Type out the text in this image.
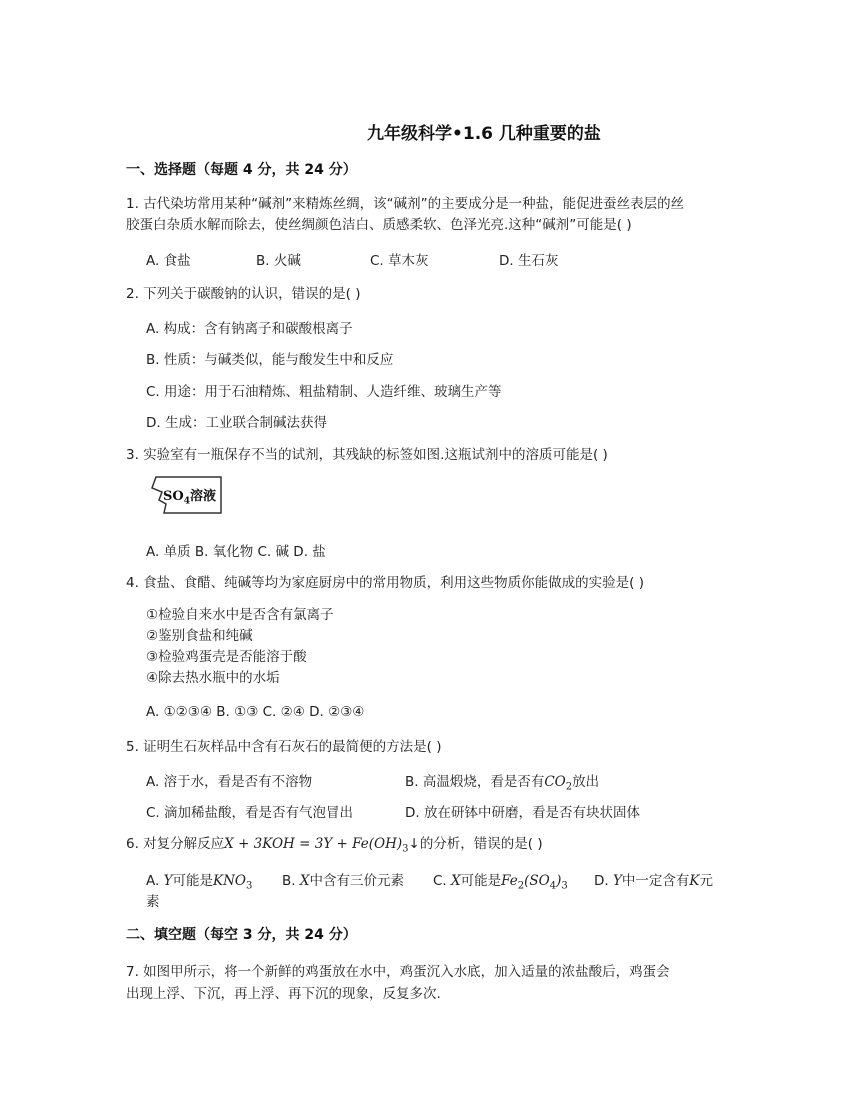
九年级科学•1.6 几种重要的盐
一、选择题（每题 4 分，共 24 分）
1. 古代染坊常用某种“碱剂”来精炼丝绸，该“碱剂”的主要成分是一种盐，能促进蚕丝表层的丝
胶蛋白杂质水解而除去，使丝绸颜色洁白、质感柔软、色泽光亮.这种“碱剂”可能是( )
A. 食盐	B. 火碱	C. 草木灰	D. 生石灰
2. 下列关于碳酸钠的认识，错误的是( )
A. 构成：含有钠离子和碳酸根离子
B. 性质：与碱类似，能与酸发生中和反应
C. 用途：用于石油精炼、粗盐精制、人造纤维、玻璃生产等
D. 生成：工业联合制碱法获得
3. 实验室有一瓶保存不当的试剂，其残缺的标签如图.这瓶试剂中的溶质可能是( )
$SO_4$溶液
A. 单质 B. 氧化物 C. 碱 D. 盐
4. 食盐、食醋、纯碱等均为家庭厨房中的常用物质，利用这些物质你能做成的实验是( )
①检验自来水中是否含有氯离子
②鉴别食盐和纯碱
③检验鸡蛋壳是否能溶于酸
④除去热水瓶中的水垢
A. ①②③④ B. ①③ C. ②④ D. ②③④
5. 证明生石灰样品中含有石灰石的最简便的方法是( )
A. 溶于水，看是否有不溶物	B. 高温煅烧，看是否有$CO_2$放出
C. 滴加稀盐酸，看是否有气泡冒出	D. 放在研钵中研磨，看是否有块状固体
6. 对复分解反应$X + 3KOH = 3Y + Fe(OH)_3↓$的分析，错误的是( )
A. Y可能是$KNO_3$ B. X中含有三价元素 C. X可能是$Fe_2(SO_4)_3$ D. Y中一定含有K元
素
二、填空题（每空 3 分，共 24 分）
7. 如图甲所示，将一个新鲜的鸡蛋放在水中，鸡蛋沉入水底，加入适量的浓盐酸后，鸡蛋会
出现上浮、下沉，再上浮、再下沉的现象，反复多次.
